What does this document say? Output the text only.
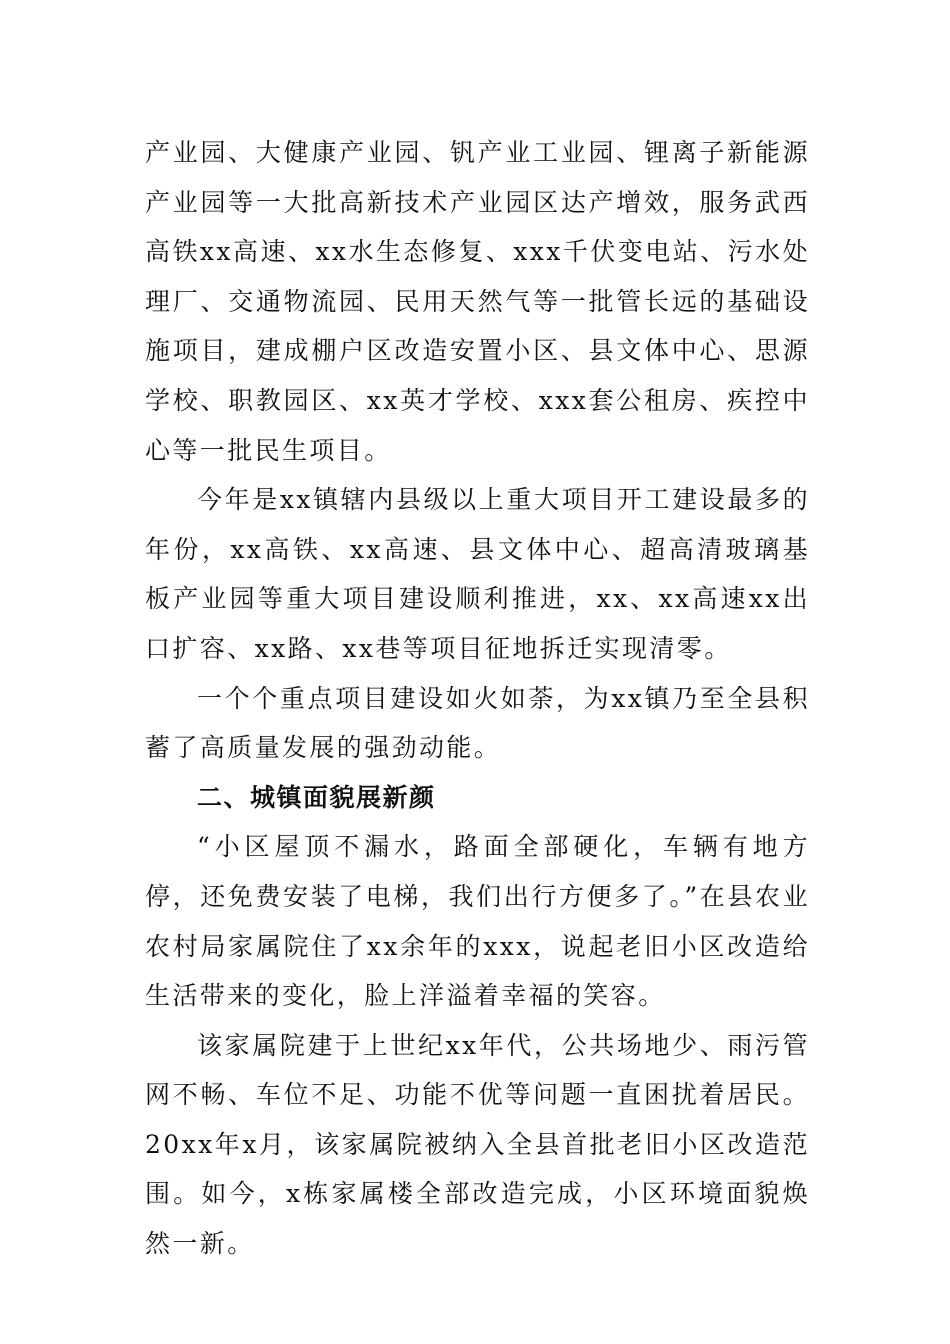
产业园、大健康产业园、钒产业工业园、锂离子新能源产业园等一大批高新技术产业园区达产增效，服务武西高铁xx高速、xx水生态修复、xxx千伏变电站、污水处理厂、交通物流园、民用天然气等一批管长远的基础设施项目，建成棚户区改造安置小区、县文体中心、思源学校、职教园区、xx英才学校、xxx套公租房、疾控中心等一批民生项目。

今年是xx镇辖内县级以上重大项目开工建设最多的年份，xx高铁、xx高速、县文体中心、超高清玻璃基板产业园等重大项目建设顺利推进，xx、xx高速xx出口扩容、xx路、xx巷等项目征地拆迁实现清零。

一个个重点项目建设如火如荼，为xx镇乃至全县积蓄了高质量发展的强劲动能。

二、城镇面貌展新颜

“小区屋顶不漏水，路面全部硬化，车辆有地方停，还免费安装了电梯，我们出行方便多了。”在县农业农村局家属院住了xx余年的xxx，说起老旧小区改造给生活带来的变化，脸上洋溢着幸福的笑容。

该家属院建于上世纪xx年代，公共场地少、雨污管网不畅、车位不足、功能不优等问题一直困扰着居民。20xx年x月，该家属院被纳入全县首批老旧小区改造范围。如今，x栋家属楼全部改造完成，小区环境面貌焕然一新。
